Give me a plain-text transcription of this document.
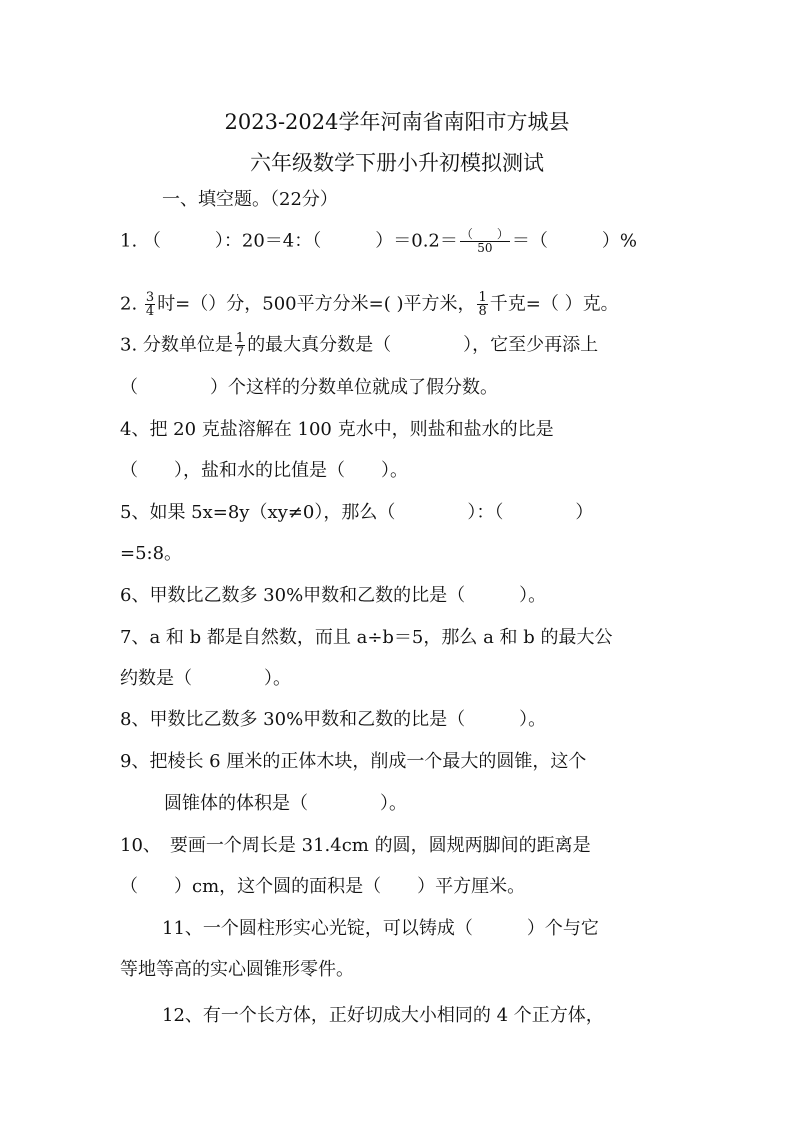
2023-2024学年河南省南阳市方城县
六年级数学下册小升初模拟测试
一、填空题。（22分）
1. （　　　）：20＝4：（　　　）$=0.2= \frac{( )}{50}$ ＝（　　　）%
2. $\frac{3}{4}$ 时=（）分，500平方分米=( )平方米， $\frac{1}{8}$ 千克=（ ）克。
3. 分数单位是 $\frac{1}{7}$ 的最大真分数是（　　　　），它至少再添上
（　　　　）个这样的分数单位就成了假分数。
4、把 20 克盐溶解在 100 克水中，则盐和盐水的比是
（　　），盐和水的比值是（　　）。
5、如果 5x=8y（xy≠0），那么（　　　　）：（　　　　）
=5:8。
6、甲数比乙数多 30%甲数和乙数的比是（　　　）。
7、a 和 b 都是自然数，而且 a÷b＝5，那么 a 和 b 的最大公
约数是（　　　　）。
8、甲数比乙数多 30%甲数和乙数的比是（　　　）。
9、把棱长 6 厘米的正体木块，削成一个最大的圆锥，这个
圆锥体的体积是（　　　　）。
10、　要画一个周长是 31.4cm 的圆，圆规两脚间的距离是
（　　）cm，这个圆的面积是（　　）平方厘米。
11、一个圆柱形实心光锭，可以铸成（　　　）个与它
等地等高的实心圆锥形零件。
12、有一个长方体，正好切成大小相同的 4 个正方体，
